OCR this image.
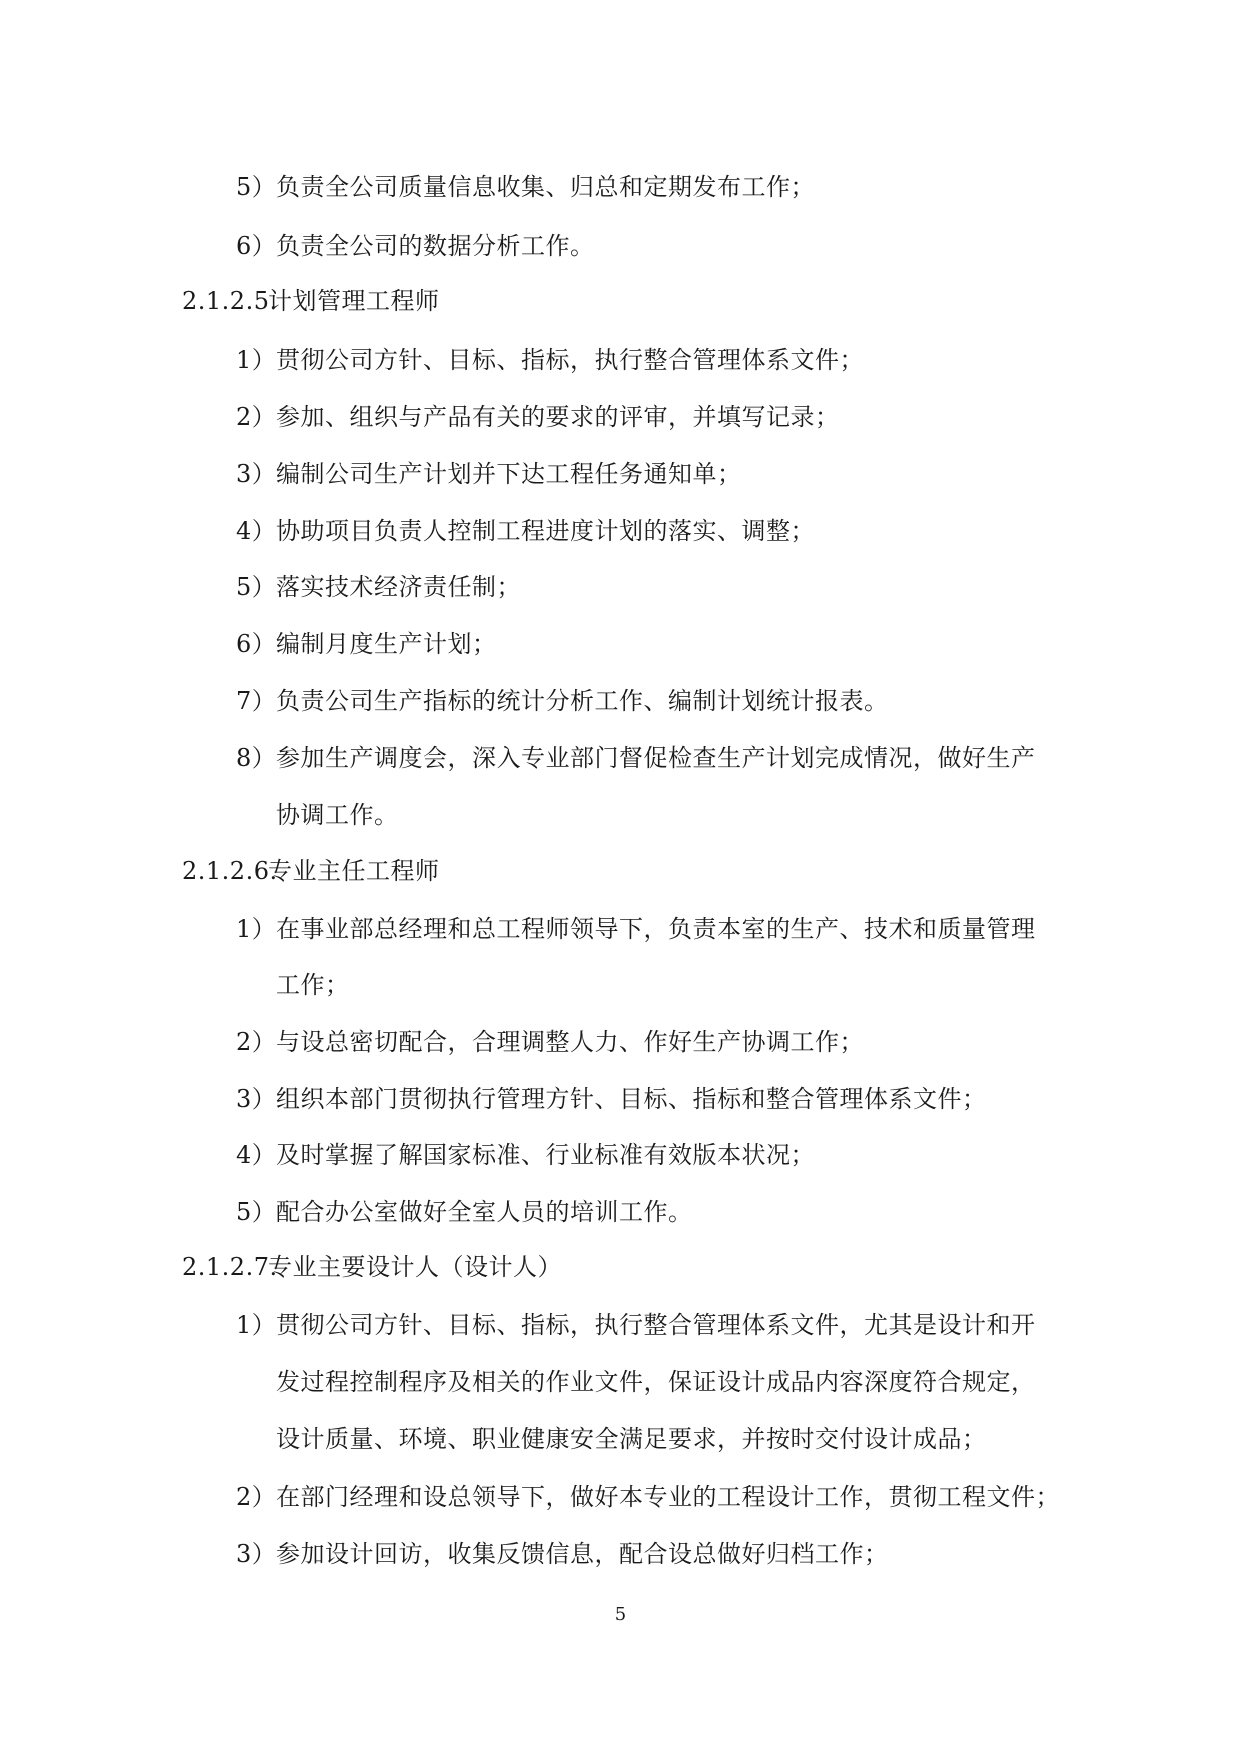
5）负责全公司质量信息收集、归总和定期发布工作；
6）负责全公司的数据分析工作。
2.1.2.5.计划管理工程师
1）贯彻公司方针、目标、指标，执行整合管理体系文件；
2）参加、组织与产品有关的要求的评审，并填写记录；
3）编制公司生产计划并下达工程任务通知单；
4）协助项目负责人控制工程进度计划的落实、调整；
5）落实技术经济责任制；
6）编制月度生产计划；
7）负责公司生产指标的统计分析工作、编制计划统计报表。
8）参加生产调度会，深入专业部门督促检查生产计划完成情况，做好生产
协调工作。
2.1.2.6.专业主任工程师
1）在事业部总经理和总工程师领导下，负责本室的生产、技术和质量管理
工作；
2）与设总密切配合，合理调整人力、作好生产协调工作；
3）组织本部门贯彻执行管理方针、目标、指标和整合管理体系文件；
4）及时掌握了解国家标准、行业标准有效版本状况；
5）配合办公室做好全室人员的培训工作。
2.1.2.7.专业主要设计人（设计人）
1）贯彻公司方针、目标、指标，执行整合管理体系文件，尤其是设计和开
发过程控制程序及相关的作业文件，保证设计成品内容深度符合规定，
设计质量、环境、职业健康安全满足要求，并按时交付设计成品；
2）在部门经理和设总领导下，做好本专业的工程设计工作，贯彻工程文件；
3）参加设计回访，收集反馈信息，配合设总做好归档工作；
5
